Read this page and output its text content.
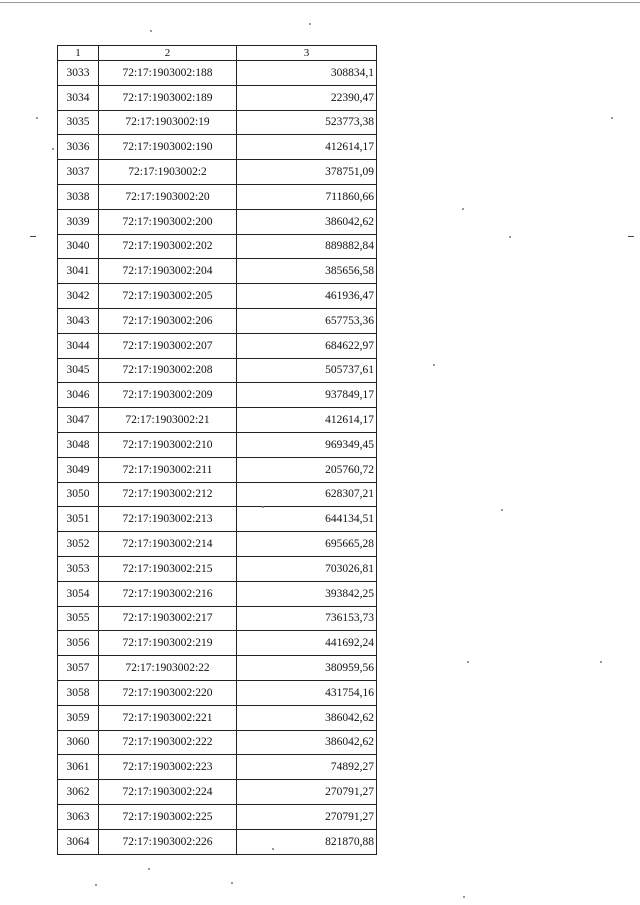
1	2	3
3033	72:17:1903002:188	308834,1
3034	72:17:1903002:189	22390,47
3035	72:17:1903002:19	523773,38
3036	72:17:1903002:190	412614,17
3037	72:17:1903002:2	378751,09
3038	72:17:1903002:20	711860,66
3039	72:17:1903002:200	386042,62
3040	72:17:1903002:202	889882,84
3041	72:17:1903002:204	385656,58
3042	72:17:1903002:205	461936,47
3043	72:17:1903002:206	657753,36
3044	72:17:1903002:207	684622,97
3045	72:17:1903002:208	505737,61
3046	72:17:1903002:209	937849,17
3047	72:17:1903002:21	412614,17
3048	72:17:1903002:210	969349,45
3049	72:17:1903002:211	205760,72
3050	72:17:1903002:212	628307,21
3051	72:17:1903002:213	644134,51
3052	72:17:1903002:214	695665,28
3053	72:17:1903002:215	703026,81
3054	72:17:1903002:216	393842,25
3055	72:17:1903002:217	736153,73
3056	72:17:1903002:219	441692,24
3057	72:17:1903002:22	380959,56
3058	72:17:1903002:220	431754,16
3059	72:17:1903002:221	386042,62
3060	72:17:1903002:222	386042,62
3061	72:17:1903002:223	74892,27
3062	72:17:1903002:224	270791,27
3063	72:17:1903002:225	270791,27
3064	72:17:1903002:226	821870,88
